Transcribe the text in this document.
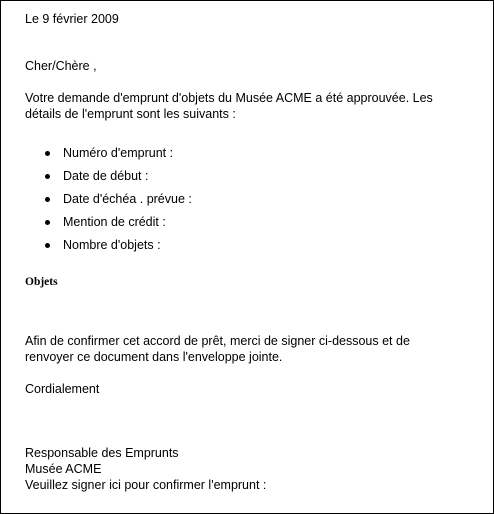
Le 9 février 2009
Cher/Chère ,
Votre demande d'emprunt d'objets du Musée ACME a été approuvée. Les
détails de l'emprunt sont les suivants :
Numéro d'emprunt :
Date de début :
Date d'échéa . prévue :
Mention de crédit :
Nombre d'objets :
Objets
Afin de confirmer cet accord de prêt, merci de signer ci-dessous et de
renvoyer ce document dans l'enveloppe jointe.
Cordialement
Responsable des Emprunts
Musée ACME
Veuillez signer ici pour confirmer l'emprunt :
